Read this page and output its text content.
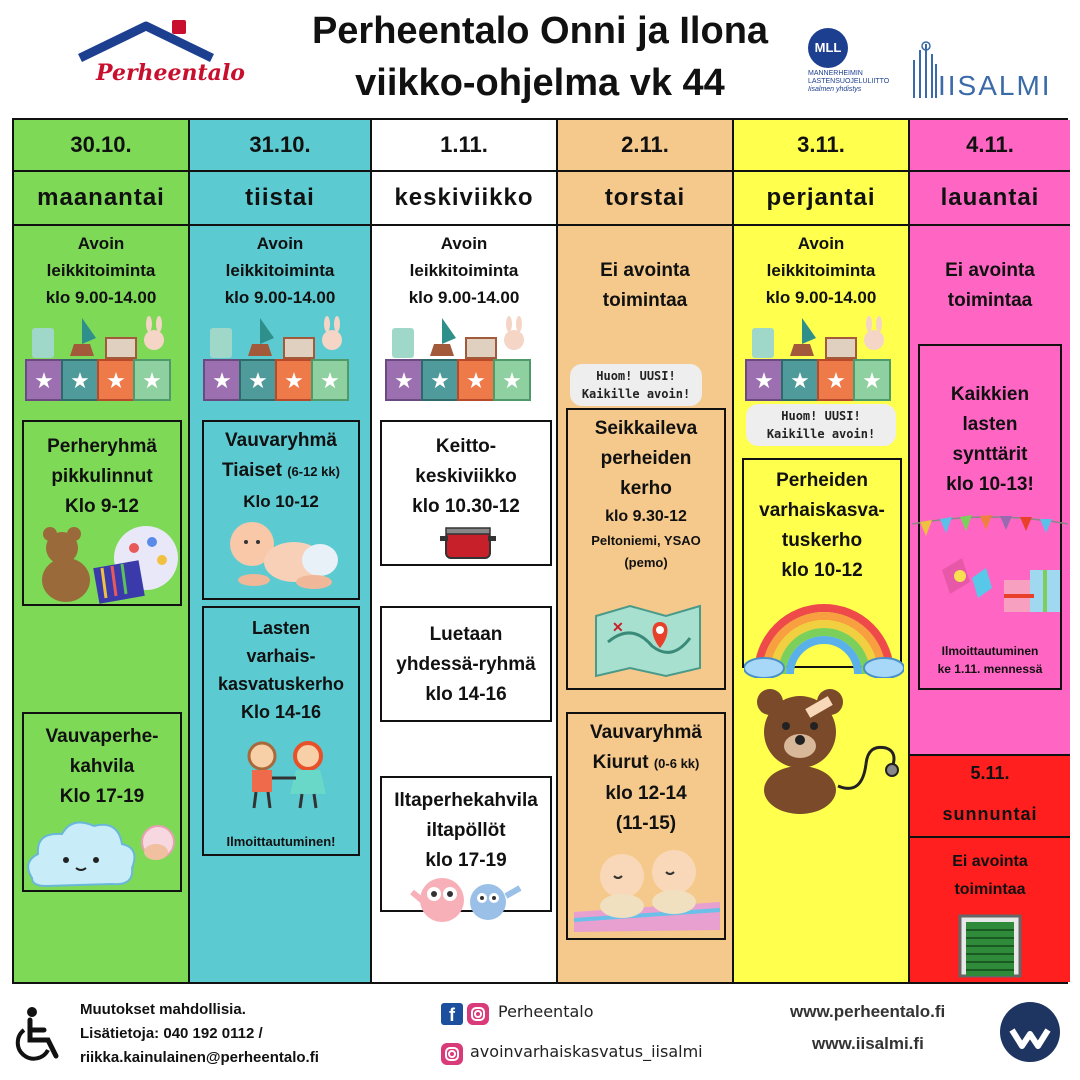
Perheentalo
Perheentalo Onni ja Ilona
viikko-ohjelma vk 44
MLL
MANNERHEIMIN
LASTENSUOJELULIITTO
Iisalmen yhdistys	IISALMI
30.10.
maanantai
Avoin
leikkitoiminta
klo 9.00-14.00
★ ★ ★ ★
Perheryhmä
pikkulinnut
Klo 9-12
Vauvaperhe-
kahvila
Klo 17-19
31.10.
tiistai
Avoin
leikkitoiminta
klo 9.00-14.00
★ ★ ★ ★
Vauvaryhmä
Tiaiset (6-12 kk)
Klo 10-12
Lasten
varhais-
kasvatuskerho
Klo 14-16
Ilmoittautuminen!
1.11.
keskiviikko
Avoin
leikkitoiminta
klo 9.00-14.00
★ ★ ★ ★
Keitto-
keskiviikko
klo 10.30-12
Luetaan
yhdessä-ryhmä
klo 14-16
Iltaperhekahvila
iltapöllöt
klo 17-19
2.11.
torstai
Ei avointa
toimintaa
Huom! UUSI!
Kaikille avoin!
Seikkaileva
perheiden
kerho
klo 9.30-12
Peltoniemi, YSAO
(pemo)
✕
Vauvaryhmä
Kiurut (0-6 kk)
klo 12-14
(11-15)
3.11.
perjantai
Avoin
leikkitoiminta
klo 9.00-14.00
★ ★ ★ ★
Huom! UUSI!
Kaikille avoin!
Perheiden
varhaiskasva-
tuskerho
klo 10-12
4.11.
lauantai
Ei avointa
toimintaa
Kaikkien
lasten
synttärit
klo 10-13!
Ilmoittautuminen
ke 1.11. mennessä
5.11.
sunnuntai
Ei avointa
toimintaa
Muutokset mahdollisia.
Lisätietoja: 040 192 0112 /
riikka.kainulainen@perheentalo.fi
f	Perheentalo
avoinvarhaiskasvatus_iisalmi
www.perheentalo.fi
www.iisalmi.fi
